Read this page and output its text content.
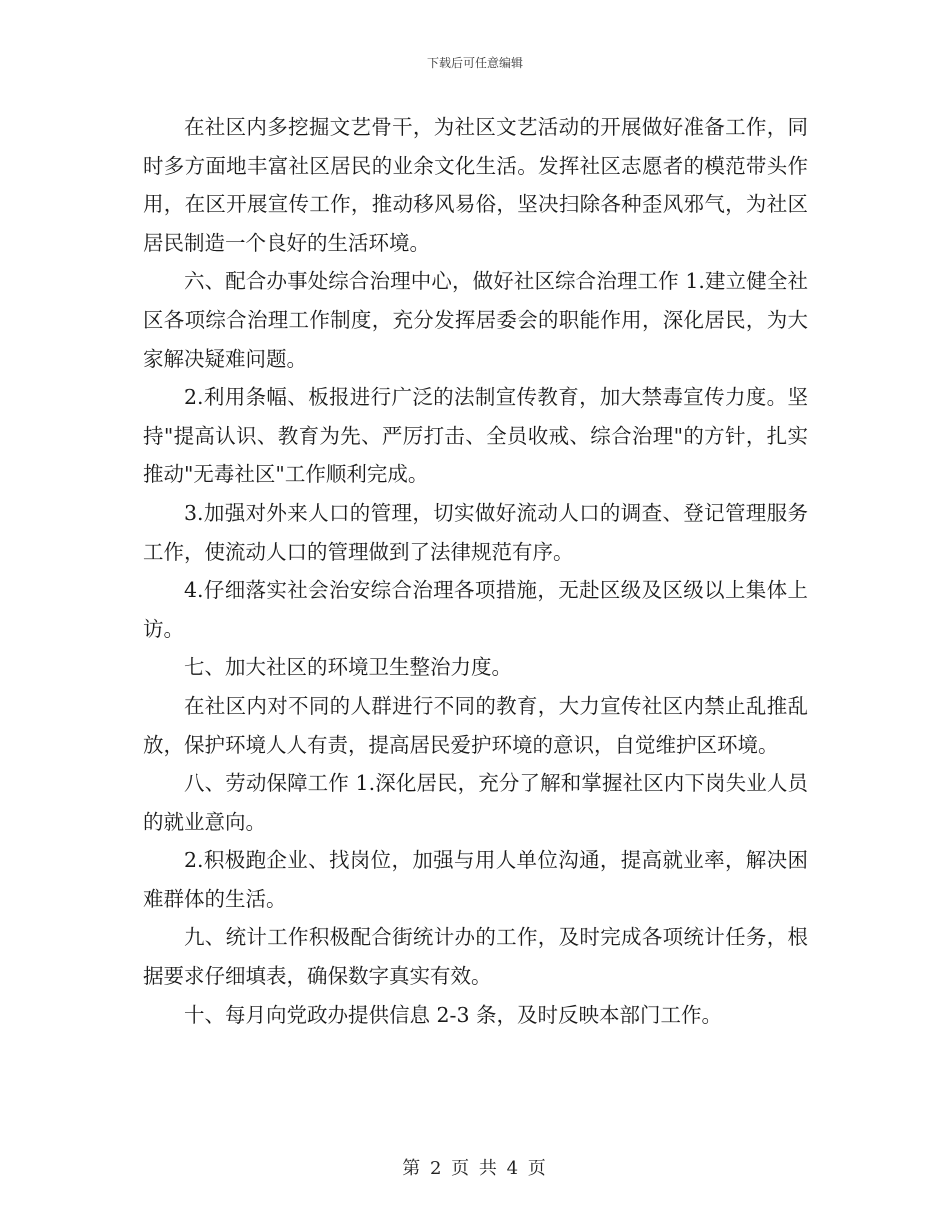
下载后可任意编辑

在社区内多挖掘文艺骨干，为社区文艺活动的开展做好准备工作，同时多方面地丰富社区居民的业余文化生活。发挥社区志愿者的模范带头作用，在区开展宣传工作，推动移风易俗，坚决扫除各种歪风邪气，为社区居民制造一个良好的生活环境。

六、配合办事处综合治理中心，做好社区综合治理工作 1.建立健全社区各项综合治理工作制度，充分发挥居委会的职能作用，深化居民，为大家解决疑难问题。

2.利用条幅、板报进行广泛的法制宣传教育，加大禁毒宣传力度。坚持"提高认识、教育为先、严厉打击、全员收戒、综合治理"的方针，扎实推动"无毒社区"工作顺利完成。

3.加强对外来人口的管理，切实做好流动人口的调查、登记管理服务工作，使流动人口的管理做到了法律规范有序。

4.仔细落实社会治安综合治理各项措施，无赴区级及区级以上集体上访。

七、加大社区的环境卫生整治力度。

在社区内对不同的人群进行不同的教育，大力宣传社区内禁止乱推乱放，保护环境人人有责，提高居民爱护环境的意识，自觉维护区环境。

八、劳动保障工作 1.深化居民，充分了解和掌握社区内下岗失业人员的就业意向。

2.积极跑企业、找岗位，加强与用人单位沟通，提高就业率，解决困难群体的生活。

九、统计工作积极配合街统计办的工作，及时完成各项统计任务，根据要求仔细填表，确保数字真实有效。

十、每月向党政办提供信息 2-3 条，及时反映本部门工作。

第 2 页 共 4 页
